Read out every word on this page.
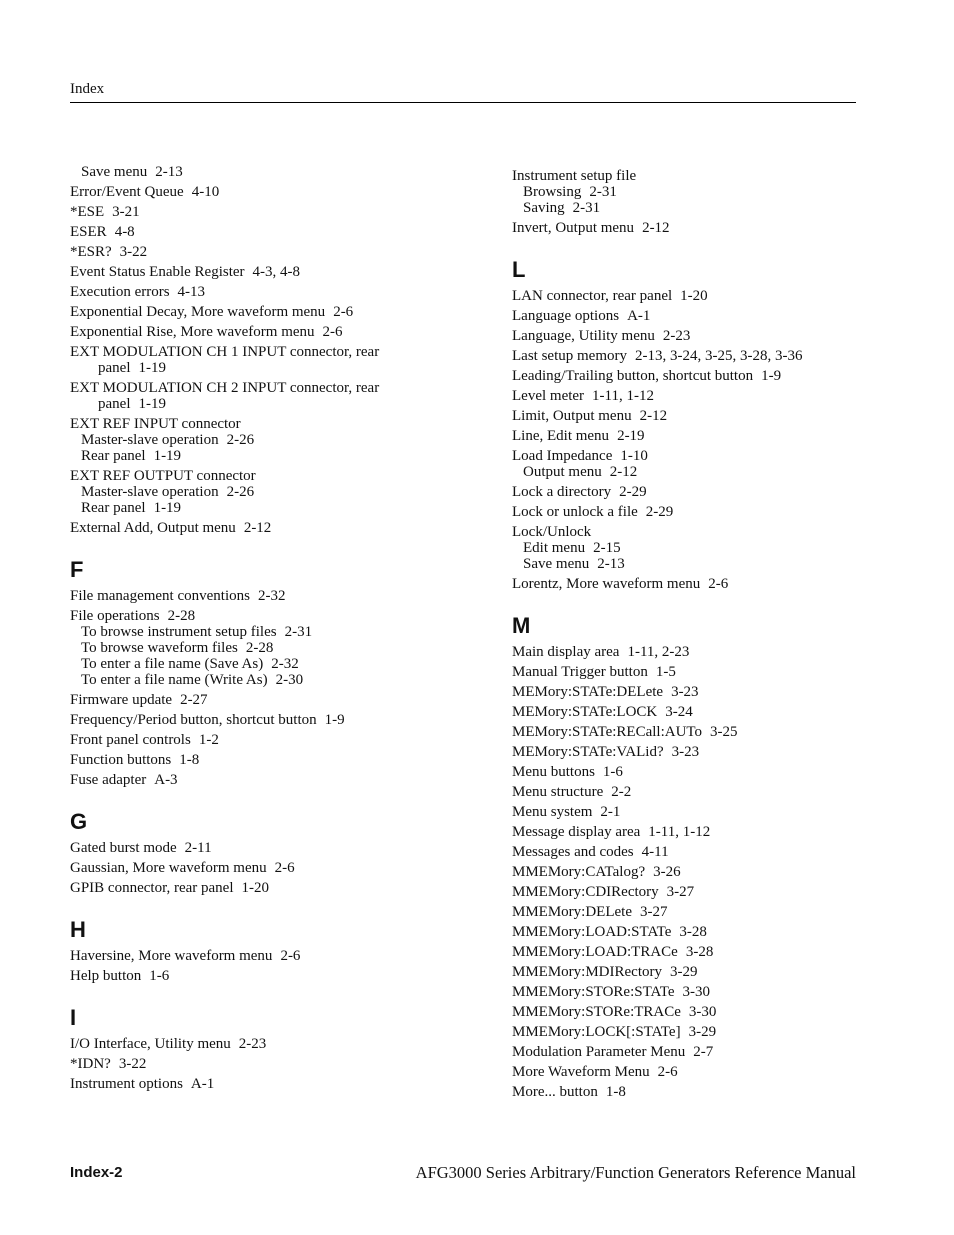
Index
Save menu 2-13
Error/Event Queue 4-10
*ESE 3-21
ESER 4-8
*ESR? 3-22
Event Status Enable Register 4-3, 4-8
Execution errors 4-13
Exponential Decay, More waveform menu 2-6
Exponential Rise, More waveform menu 2-6
EXT MODULATION CH 1 INPUT connector, rear
panel 1-19
EXT MODULATION CH 2 INPUT connector, rear
panel 1-19
EXT REF INPUT connector
Master-slave operation 2-26
Rear panel 1-19
EXT REF OUTPUT connector
Master-slave operation 2-26
Rear panel 1-19
External Add, Output menu 2-12
F
File management conventions 2-32
File operations 2-28
To browse instrument setup files 2-31
To browse waveform files 2-28
To enter a file name (Save As) 2-32
To enter a file name (Write As) 2-30
Firmware update 2-27
Frequency/Period button, shortcut button 1-9
Front panel controls 1-2
Function buttons 1-8
Fuse adapter A-3
G
Gated burst mode 2-11
Gaussian, More waveform menu 2-6
GPIB connector, rear panel 1-20
H
Haversine, More waveform menu 2-6
Help button 1-6
I
I/O Interface, Utility menu 2-23
*IDN? 3-22
Instrument options A-1
Instrument setup file
Browsing 2-31
Saving 2-31
Invert, Output menu 2-12
L
LAN connector, rear panel 1-20
Language options A-1
Language, Utility menu 2-23
Last setup memory 2-13, 3-24, 3-25, 3-28, 3-36
Leading/Trailing button, shortcut button 1-9
Level meter 1-11, 1-12
Limit, Output menu 2-12
Line, Edit menu 2-19
Load Impedance 1-10
Output menu 2-12
Lock a directory 2-29
Lock or unlock a file 2-29
Lock/Unlock
Edit menu 2-15
Save menu 2-13
Lorentz, More waveform menu 2-6
M
Main display area 1-11, 2-23
Manual Trigger button 1-5
MEMory:STATe:DELete 3-23
MEMory:STATe:LOCK 3-24
MEMory:STATe:RECall:AUTo 3-25
MEMory:STATe:VALid? 3-23
Menu buttons 1-6
Menu structure 2-2
Menu system 2-1
Message display area 1-11, 1-12
Messages and codes 4-11
MMEMory:CATalog? 3-26
MMEMory:CDIRectory 3-27
MMEMory:DELete 3-27
MMEMory:LOAD:STATe 3-28
MMEMory:LOAD:TRACe 3-28
MMEMory:MDIRectory 3-29
MMEMory:STORe:STATe 3-30
MMEMory:STORe:TRACe 3-30
MMEMory:LOCK[:STATe] 3-29
Modulation Parameter Menu 2-7
More Waveform Menu 2-6
More... button 1-8
Index-2	AFG3000 Series Arbitrary/Function Generators Reference Manual
